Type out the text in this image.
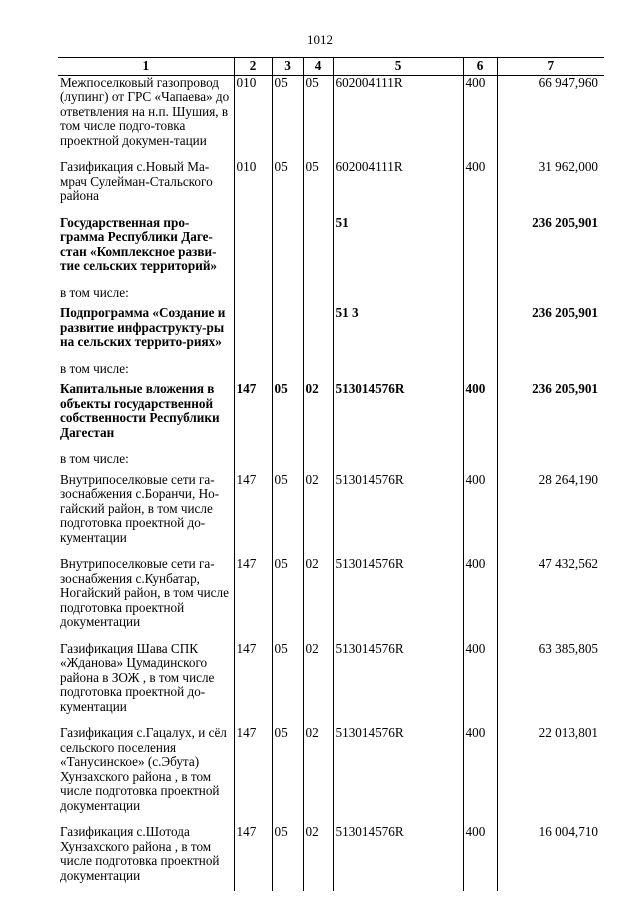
1012
1	2	3	4	5	6	7
Межпоселковый газопровод (лупинг) от ГРС «Чапаева» до ответвления на н.п. Шушия, в том числе подго-товка проектной докумен-тации	010	05	05	602004111R	400	66 947,960
Газификация с.Новый Ма-мрач Сулейман-Стальского района	010	05	05	602004111R	400	31 962,000
Государственная про-грамма Республики Даге-стан «Комплексное разви-тие сельских территорий»				51		236 205,901
в том числе:						
Подпрограмма «Создание и развитие инфраструкту-ры на сельских террито-риях»				51 3		236 205,901
в том числе:						
Капитальные вложения в объекты государственной собственности Республики Дагестан	147	05	02	513014576R	400	236 205,901
в том числе:						
Внутрипоселковые сети га-зоснабжения с.Боранчи, Но-гайский район, в том числе подготовка проектной до-кументации	147	05	02	513014576R	400	28 264,190
Внутрипоселковые сети га-зоснабжения с.Кунбатар, Ногайский район, в том числе подготовка проектной документации	147	05	02	513014576R	400	47 432,562
Газификация Шава СПК «Жданова» Цумадинского района в ЗОЖ , в том числе подготовка проектной до-кументации	147	05	02	513014576R	400	63 385,805
Газификация с.Гацалух, и сёл сельского поселения «Танусинское» (с.Эбута) Хунзахского района , в том числе подготовка проектной документации	147	05	02	513014576R	400	22 013,801
Газификация с.Шотода Хунзахского района , в том числе подготовка проектной документации	147	05	02	513014576R	400	16 004,710
